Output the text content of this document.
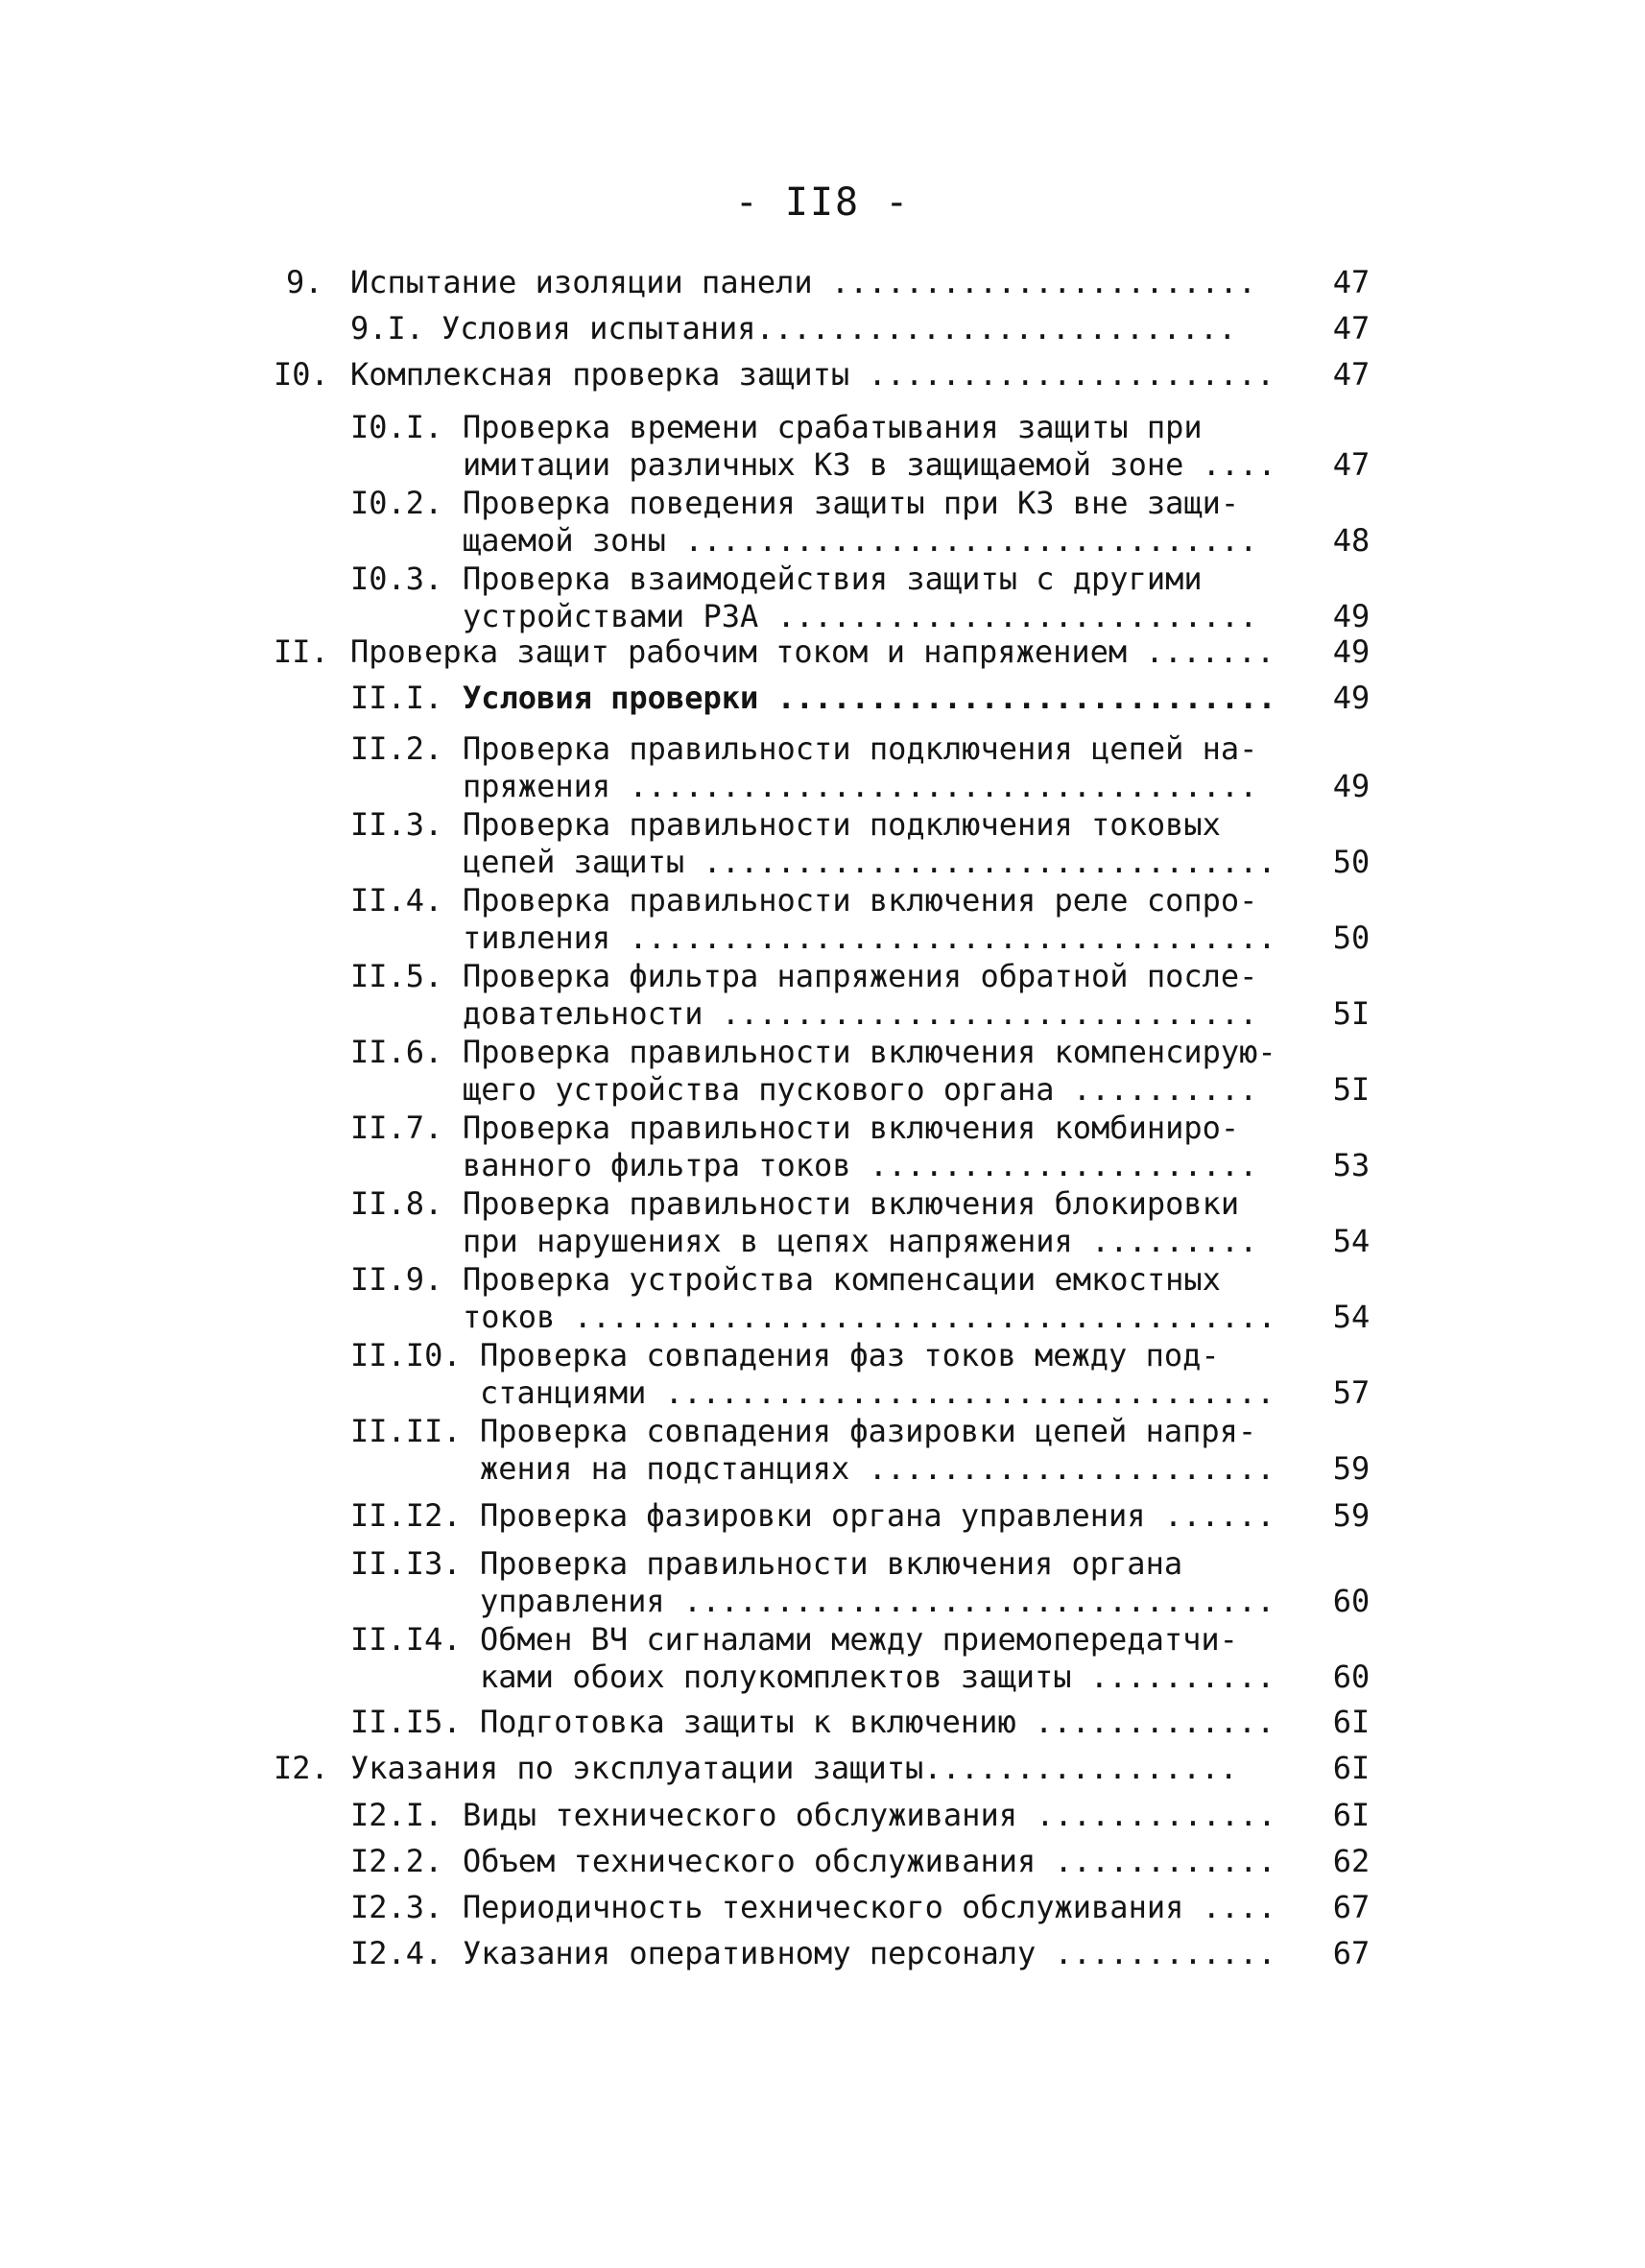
- II8 -
9. Испытание изоляции панели .......................	47
9.I. Условия испытания..........................	47
I0. Комплексная проверка защиты ......................	47
I0.I. Проверка времени срабатывания защиты при
имитации различных КЗ в защищаемой зоне .... 47
I0.2. Проверка поведения защиты при КЗ вне защи-
щаемой зоны ...............................	48
I0.3. Проверка взаимодействия защиты с другими
устройствами РЗА ..........................	49
II. Проверка защит рабочим током и напряжением .......	49
II.I. Условия проверки ........................... 49
II.2. Проверка правильности подключения цепей на-
пряжения ..................................	49
II.3. Проверка правильности подключения токовых
цепей защиты ............................... 50
II.4. Проверка правильности включения реле сопро-
тивления ................................... 50
II.5. Проверка фильтра напряжения обратной после-
довательности .............................	5I
II.6. Проверка правильности включения компенсирую-
щего устройства пускового органа ..........	5I
II.7. Проверка правильности включения комбиниро-
ванного фильтра токов .....................	53
II.8. Проверка правильности включения блокировки
при нарушениях в цепях напряжения .........	54
II.9. Проверка устройства компенсации емкостных
токов ...................................... 54
II.I0. Проверка совпадения фаз токов между под-
станциями .................................	57
II.II. Проверка совпадения фазировки цепей напря-
жения на подстанциях ......................	59
II.I2. Проверка фазировки органа управления ......	59
II.I3. Проверка правильности включения органа
управления ................................	60
II.I4. Обмен ВЧ сигналами между приемопередатчи-
ками обоих полукомплектов защиты ..........	60
II.I5. Подготовка защиты к включению .............	6I
I2. Указания по эксплуатации защиты.................	6I
I2.I. Виды технического обслуживания ............. 6I
I2.2. Объем технического обслуживания ............ 62
I2.3. Периодичность технического обслуживания .... 67
I2.4. Указания оперативному персоналу ............ 67
